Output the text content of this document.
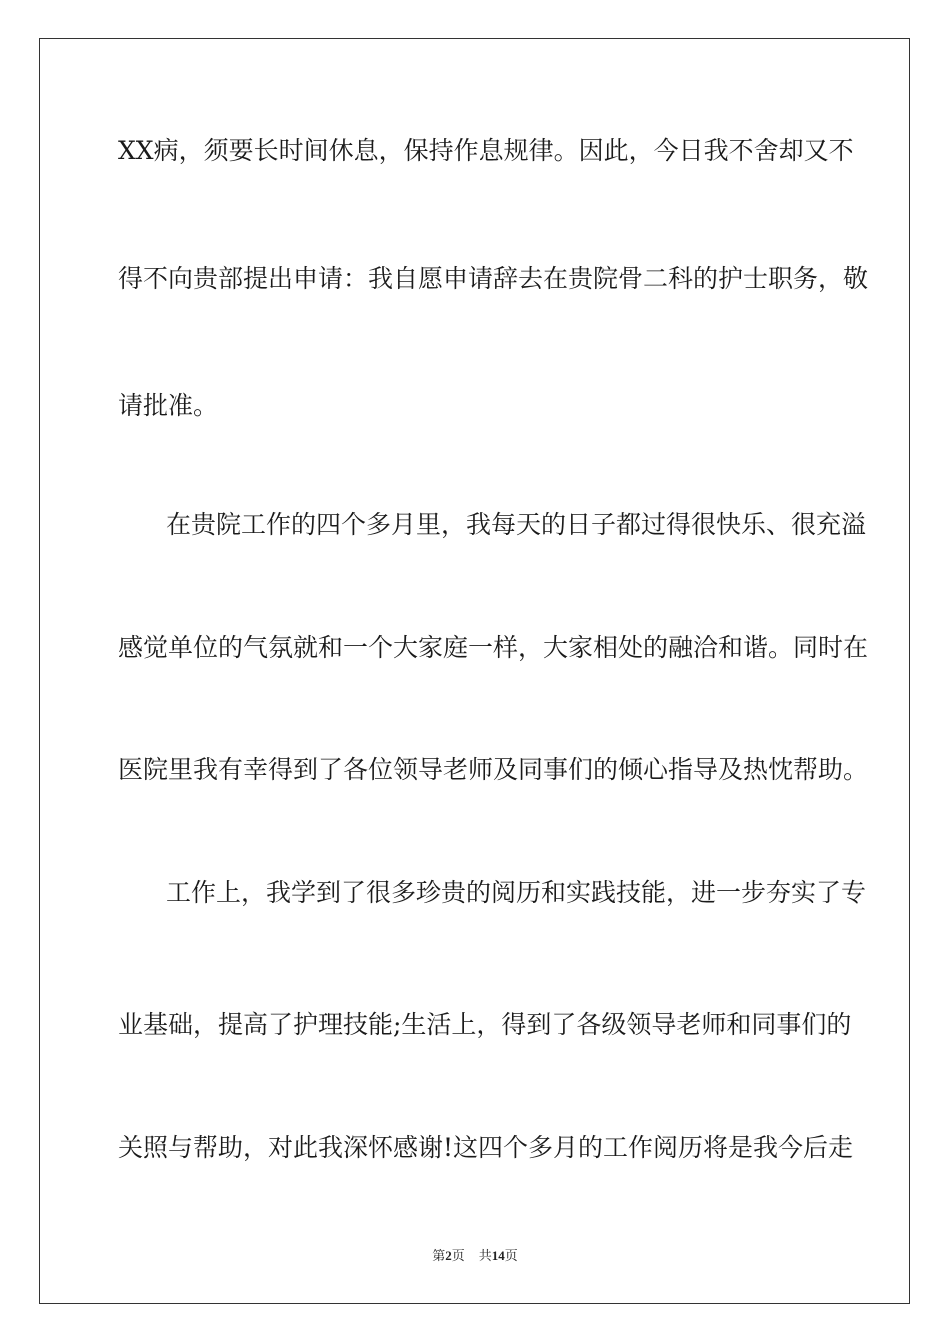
XX病，须要长时间休息，保持作息规律。因此，今日我不舍却又不
得不向贵部提出申请：我自愿申请辞去在贵院骨二科的护士职务，敬
请批准。
在贵院工作的四个多月里，我每天的日子都过得很快乐、很充溢
感觉单位的气氛就和一个大家庭一样，大家相处的融洽和谐。同时在
医院里我有幸得到了各位领导老师及同事们的倾心指导及热忱帮助。
工作上，我学到了很多珍贵的阅历和实践技能，进一步夯实了专
业基础，提高了护理技能;生活上，得到了各级领导老师和同事们的
关照与帮助，对此我深怀感谢!这四个多月的工作阅历将是我今后走
第2页 共14页
